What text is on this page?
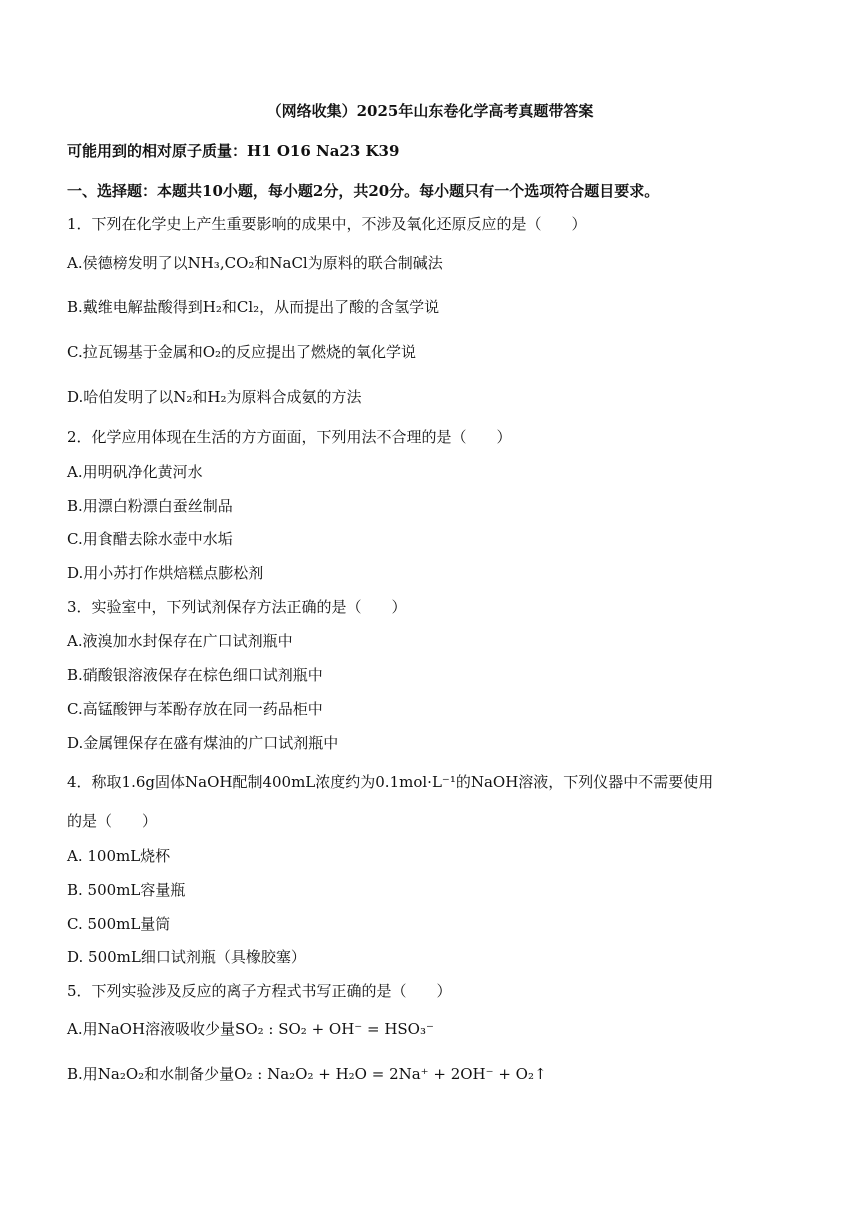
（网络收集）2025年山东卷化学高考真题带答案
可能用到的相对原子质量：H1 O16 Na23 K39
一、选择题：本题共10小题，每小题2分，共20分。每小题只有一个选项符合题目要求。
1．下列在化学史上产生重要影响的成果中，不涉及氧化还原反应的是（　　）
A.侯德榜发明了以NH₃,CO₂和NaCl为原料的联合制碱法
B.戴维电解盐酸得到H₂和Cl₂，从而提出了酸的含氢学说
C.拉瓦锡基于金属和O₂的反应提出了燃烧的氧化学说
D.哈伯发明了以N₂和H₂为原料合成氨的方法
2．化学应用体现在生活的方方面面，下列用法不合理的是（　　）
A.用明矾净化黄河水
B.用漂白粉漂白蚕丝制品
C.用食醋去除水壶中水垢
D.用小苏打作烘焙糕点膨松剂
3．实验室中，下列试剂保存方法正确的是（　　）
A.液溴加水封保存在广口试剂瓶中
B.硝酸银溶液保存在棕色细口试剂瓶中
C.高锰酸钾与苯酚存放在同一药品柜中
D.金属锂保存在盛有煤油的广口试剂瓶中
4．称取1.6g固体NaOH配制400mL浓度约为0.1mol·L⁻¹的NaOH溶液，下列仪器中不需要使用
的是（　　）
A. 100mL烧杯
B. 500mL容量瓶
C. 500mL量筒
D. 500mL细口试剂瓶（具橡胶塞）
5．下列实验涉及反应的离子方程式书写正确的是（　　）
A.用NaOH溶液吸收少量SO₂ : SO₂ + OH⁻ = HSO₃⁻
B.用Na₂O₂和水制备少量O₂ : Na₂O₂ + H₂O = 2Na⁺ + 2OH⁻ + O₂↑
